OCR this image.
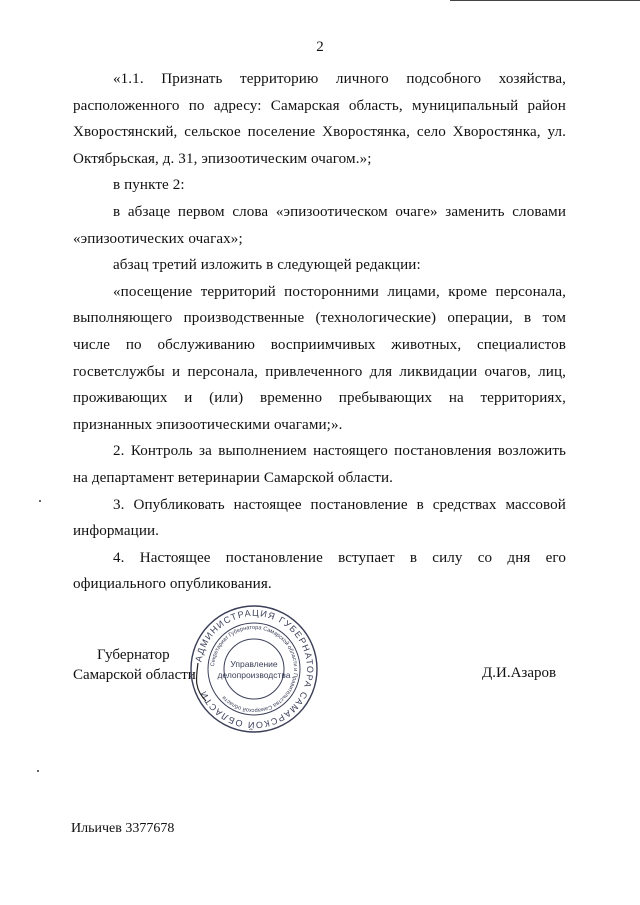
2

«1.1. Признать территорию личного подсобного хозяйства, расположенного по адресу: Самарская область, муниципальный район Хворостянский, сельское поселение Хворостянка, село Хворостянка, ул. Октябрьская, д. 31, эпизоотическим очагом.»;

в пункте 2:

в абзаце первом слова «эпизоотическом очаге» заменить словами «эпизоотических очагах»;

абзац третий изложить в следующей редакции:

«посещение территорий посторонними лицами, кроме персонала, выполняющего производственные (технологические) операции, в том числе по обслуживанию восприимчивых животных, специалистов госветслужбы и персонала, привлеченного для ликвидации очагов, лиц, проживающих и (или) временно пребывающих на территориях, признанных эпизоотическими очагами;».

2. Контроль за выполнением настоящего постановления возложить на департамент ветеринарии Самарской области.

3. Опубликовать настоящее постановление в средствах массовой информации.

4. Настоящее постановление вступает в силу со дня его официального опубликования.

Губернатор
Самарской области
АДМИНИСТРАЦИЯ ГУБЕРНАТОРА САМАРСКОЙ ОБЛАСТИ
Секретариат Губернатора Самарской области и Правительства Самарской области
Управление
делопроизводства	Д.И.Азаров
Ильичев 3377678
